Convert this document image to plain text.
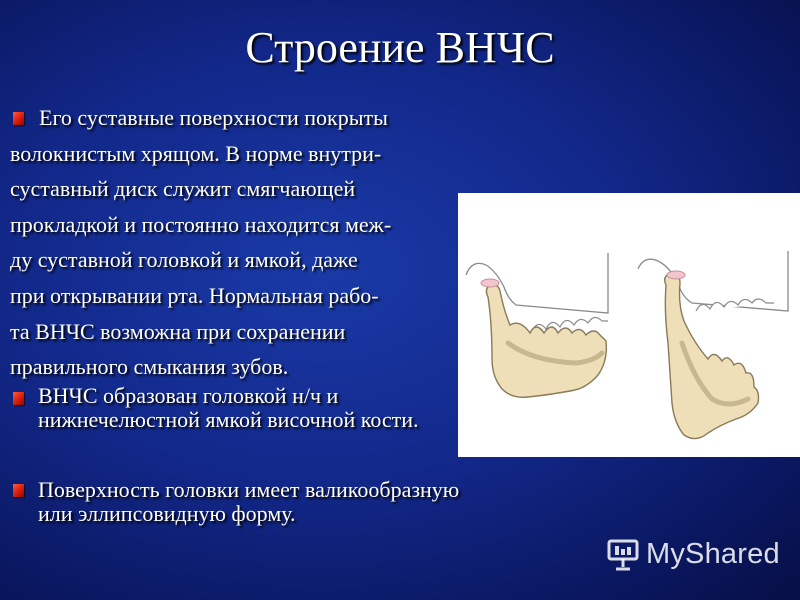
Строение ВНЧС
Его суставные поверхности покрыты
волокнистым хрящом. В норме внутри-
суставный диск служит смягчающей
прокладкой и постоянно находится меж-
ду суставной головкой и ямкой, даже
при открывании рта. Нормальная рабо-
та ВНЧС возможна при сохранении
правильного смыкания зубов.
ВНЧС образован головкой н/ч и нижнечелюстной ямкой височной кости.
Поверхность головки имеет валикообразную или эллипсовидную форму.
MyShared
